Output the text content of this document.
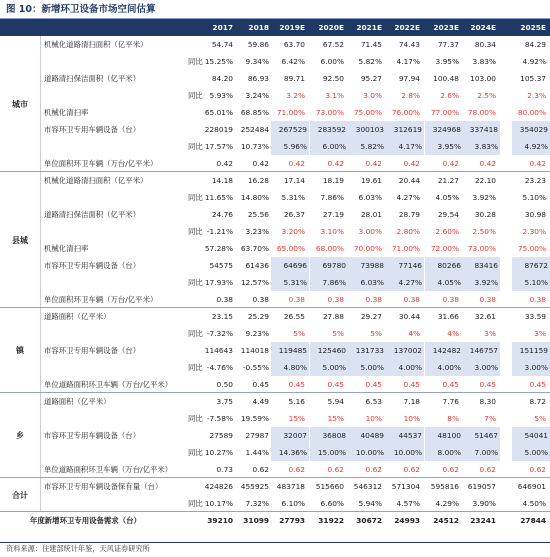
图 10：新增环卫设备市场空间估算
2017	2018	2019E	2020E	2021E	2022E	2023E	2024E	2025E
机械化道路清扫面积（亿平米）	54.74	59.86	63.70	67.52	71.45	74.43	77.37	80.34	84.29
同比 15.25%	9.34%	6.42%	6.00%	5.82%	4.17%	3.95%	3.83%	4.92%
道路清扫保洁面积（亿平米）	84.20	86.93	89.71	92.50	95.27	97.94	100.48	103.00	105.37
同比 5.93%	3.24%	3.2%	3.1%	3.0%	2.8%	2.6%	2.5%	2.3%
机械化清扫率	65.01%	68.85%	71.00%	73.00%	75.00%	76.00%	77.00%	78.00%	80.00%
市容环卫专用车辆设备（台）	228019	252484	267529	283592	300103	312619	324968	337418	354029
同比 17.57%	10.73%	5.96%	6.00%	5.82%	4.17%	3.95%	3.83%	4.92%
单位面积环卫车辆（万台/亿平米）	0.42	0.42	0.42	0.42	0.42	0.42	0.42	0.42	0.42
城市
机械化道路清扫面积（亿平米）	14.18	16.28	17.14	18.19	19.61	20.44	21.27	22.10	23.23
同比 11.65%	14.80%	5.31%	7.86%	6.03%	4.27%	4.05%	3.92%	5.10%
道路清扫保洁面积（亿平米）	24.76	25.56	26.37	27.19	28.01	28.79	29.54	30.28	30.98
同比 -1.21%	3.23%	3.20%	3.10%	3.00%	2.80%	2.60%	2.50%	2.30%
机械化清扫率	57.28%	63.70%	65.00%	68.00%	70.00%	71.00%	72.00%	73.00%	75.00%
市容环卫专用车辆设备（台）	54575	61436	64696	69780	73988	77146	80266	83416	87672
同比 17.93%	12.57%	5.31%	7.86%	6.03%	4.27%	4.05%	3.92%	5.10%
单位面积环卫车辆（万台/亿平米）	0.38	0.38	0.38	0.38	0.38	0.38	0.38	0.38	0.38
县城
道路面积（亿平米）	23.15	25.29	26.55	27.88	29.27	30.44	31.66	32.61	33.59
同比 -7.32%	9.23%	5%	5%	5%	4%	4%	3%	3%
市容环卫专用车辆设备（台）	114643	114018	119485	125460	131733	137002	142482	146757	151159
同比 -4.76%	-0.55%	4.80%	5.00%	5.00%	4.00%	4.00%	3.00%	3.00%
单位道路面积环卫车辆（万台/亿平米）	0.50	0.45	0.45	0.45	0.45	0.45	0.45	0.45	0.45
镇
道路面积（亿平米）	3.75	4.49	5.16	5.94	6.53	7.18	7.76	8.30	8.72
同比 -7.58%	19.59%	15%	15%	10%	10%	8%	7%	5%
市容环卫专用车辆设备（台）	27589	27987	32007	36808	40489	44537	48100	51467	54041
同比 10.27%	1.44%	14.36%	15.00%	10.00%	10.00%	8.00%	7.00%	5.00%
单位道路面积环卫车辆（万台/亿平米）	0.73	0.62	0.62	0.62	0.62	0.62	0.62	0.62	0.62
乡
市容环卫专用车辆设备保有量（台）	424826	455925	483718	515660	546312	571304	595816	619057	646901
同比 10.17%	7.32%	6.10%	6.60%	5.94%	4.57%	4.29%	3.90%	4.50%
合计
年度新增环卫专用设备需求（台）	39210	31099	27793	31922	30672	24993	24512	23241	27844
资料来源：住建部统计年鉴，天风证券研究所
